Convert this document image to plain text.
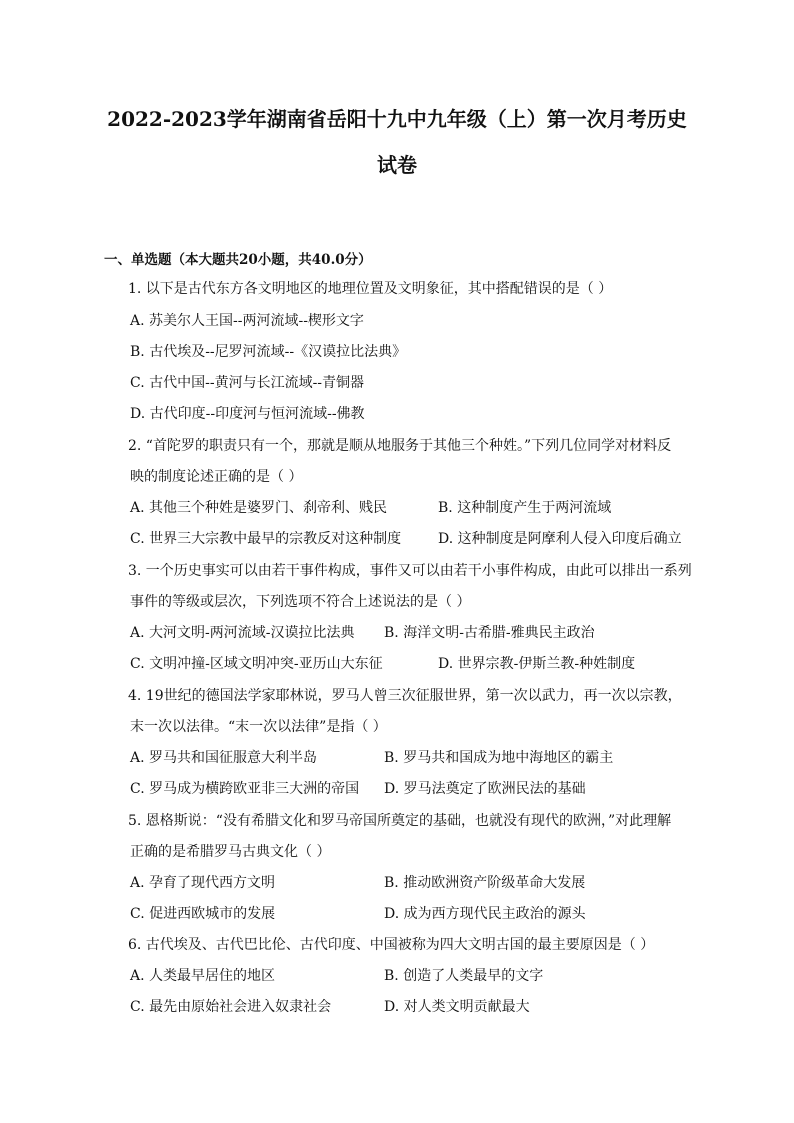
2022-2023学年湖南省岳阳十九中九年级（上）第一次月考历史
试卷
一、单选题（本大题共20小题，共40.0分）
1. 以下是古代东方各文明地区的地理位置及文明象征，其中搭配错误的是（ ）
A. 苏美尔人王国--两河流域--楔形文字
B. 古代埃及--尼罗河流域--《汉谟拉比法典》
C. 古代中国--黄河与长江流域--青铜器
D. 古代印度--印度河与恒河流域--佛教
2. “首陀罗的职责只有一个，那就是顺从地服务于其他三个种姓。”下列几位同学对材料反
映的制度论述正确的是（ ）
A. 其他三个种姓是婆罗门、刹帝利、贱民	B. 这种制度产生于两河流域
C. 世界三大宗教中最早的宗教反对这种制度	D. 这种制度是阿摩利人侵入印度后确立
3. 一个历史事实可以由若干事件构成，事件又可以由若干小事件构成，由此可以排出一系列
事件的等级或层次，下列选项不符合上述说法的是（ ）
A. 大河文明-两河流域-汉谟拉比法典 B. 海洋文明-古希腊-雅典民主政治
C. 文明冲撞-区域文明冲突-亚历山大东征	D. 世界宗教-伊斯兰教-种姓制度
4. 19世纪的德国法学家耶林说，罗马人曾三次征服世界，第一次以武力，再一次以宗教，
末一次以法律。“末一次以法律”是指（ ）
A. 罗马共和国征服意大利半岛	B. 罗马共和国成为地中海地区的霸主
C. 罗马成为横跨欧亚非三大洲的帝国 D. 罗马法奠定了欧洲民法的基础
5. 恩格斯说：“没有希腊文化和罗马帝国所奠定的基础，也就没有现代的欧洲，”对此理解
正确的是希腊罗马古典文化（ ）
A. 孕育了现代西方文明	B. 推动欧洲资产阶级革命大发展
C. 促进西欧城市的发展	D. 成为西方现代民主政治的源头
6. 古代埃及、古代巴比伦、古代印度、中国被称为四大文明古国的最主要原因是（ ）
A. 人类最早居住的地区	B. 创造了人类最早的文字
C. 最先由原始社会进入奴隶社会	D. 对人类文明贡献最大
